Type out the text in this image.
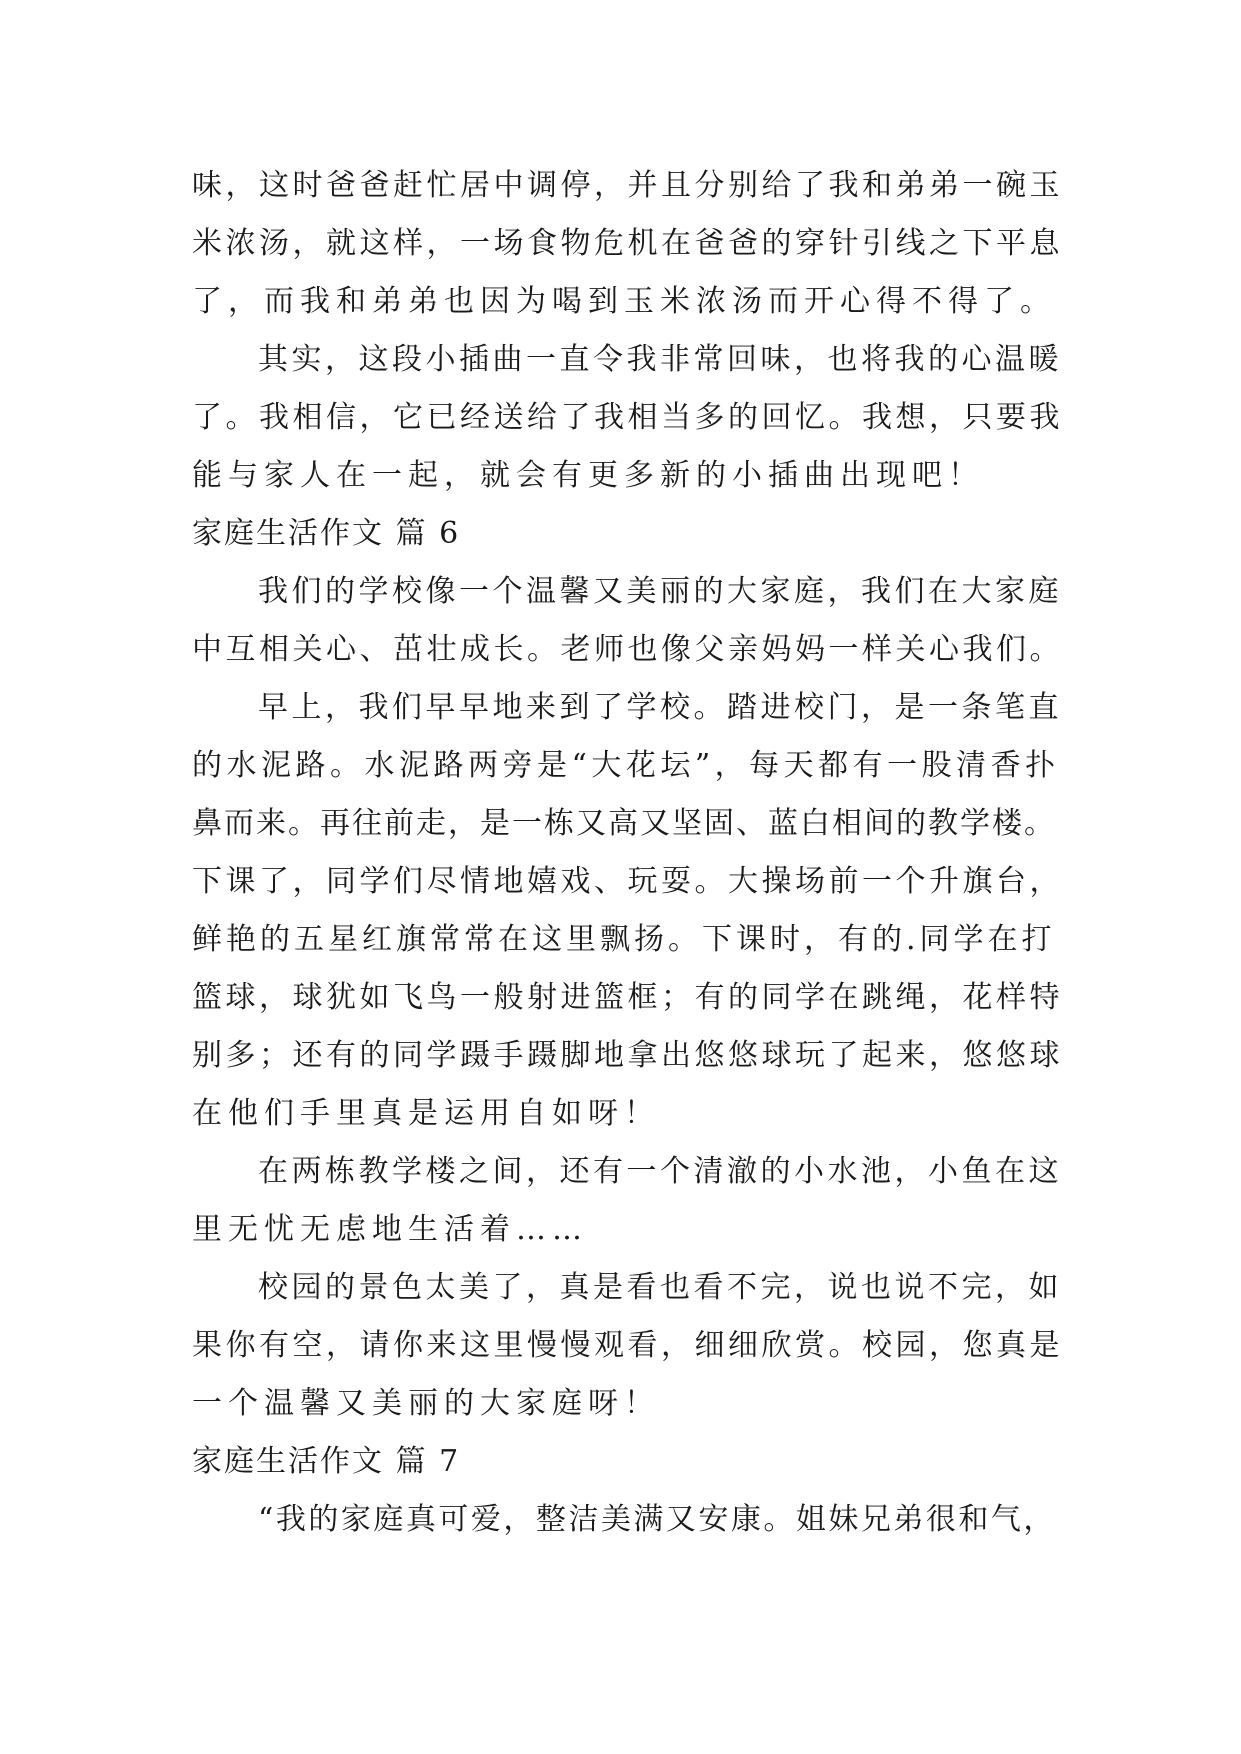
味，这时爸爸赶忙居中调停，并且分别给了我和弟弟一碗玉
米浓汤，就这样，一场食物危机在爸爸的穿针引线之下平息
了，而我和弟弟也因为喝到玉米浓汤而开心得不得了。
其实，这段小插曲一直令我非常回味，也将我的心温暖
了。我相信，它已经送给了我相当多的回忆。我想，只要我
能与家人在一起，就会有更多新的小插曲出现吧！
家庭生活作文 篇 6
我们的学校像一个温馨又美丽的大家庭，我们在大家庭
中互相关心、茁壮成长。老师也像父亲妈妈一样关心我们。
早上，我们早早地来到了学校。踏进校门，是一条笔直
的水泥路。水泥路两旁是“大花坛”，每天都有一股清香扑
鼻而来。再往前走，是一栋又高又坚固、蓝白相间的教学楼。
下课了，同学们尽情地嬉戏、玩耍。大操场前一个升旗台，
鲜艳的五星红旗常常在这里飘扬。下课时，有的.同学在打
篮球，球犹如飞鸟一般射进篮框；有的同学在跳绳，花样特
别多；还有的同学蹑手蹑脚地拿出悠悠球玩了起来，悠悠球
在他们手里真是运用自如呀！
在两栋教学楼之间，还有一个清澈的小水池，小鱼在这
里无忧无虑地生活着……
校园的景色太美了，真是看也看不完，说也说不完，如
果你有空，请你来这里慢慢观看，细细欣赏。校园，您真是
一个温馨又美丽的大家庭呀！
家庭生活作文 篇 7
“我的家庭真可爱，整洁美满又安康。姐妹兄弟很和气，
